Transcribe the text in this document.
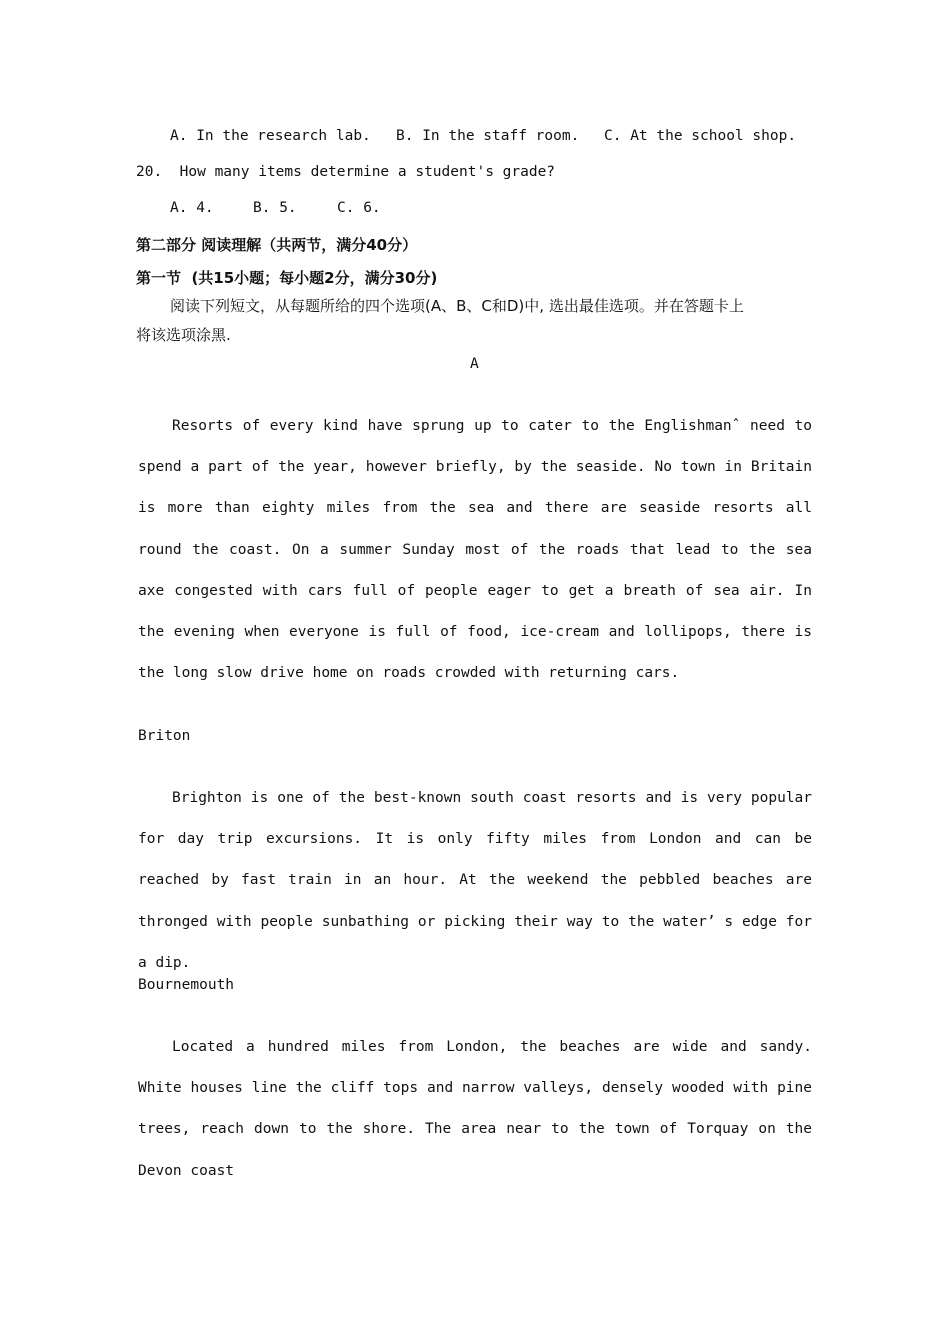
A. In the research lab. B. In the staff room. C. At the school shop.
20.  How many items determine a student's grade?
A. 4.	B. 5.	C. 6.
第二部分 阅读理解（共两节，满分40分）
第一节  (共15小题；每小题2分，满分30分)
阅读下列短文，从每题所给的四个选项(A、B、C和D)中, 选出最佳选项。并在答题卡上
将该选项涂黑.
A
Resorts of every kind have sprung up to cater to the Englishmanˆ need to spend a part of the year, however briefly, by the seaside. No town in Britain is more than eighty miles from the sea and there are seaside resorts all round the coast. On a summer Sunday most of the roads that lead to the sea axe congested with cars full of people eager to get a breath of sea air. In the evening when everyone is full of food, ice-cream and lollipops, there is the long slow drive home on roads crowded with returning cars.
Briton
Brighton is one of the best-known south coast resorts and is very popular for day trip excursions. It is only fifty miles from London and can be reached by fast train in an hour. At the weekend the pebbled beaches are thronged with people sunbathing or picking their way to the water’ s edge for a dip.
Bournemouth
Located a hundred miles from London, the beaches are wide and sandy. White houses line the cliff tops and narrow valleys, densely wooded with pine trees, reach down to the shore. The area near to the town of Torquay on the Devon coast
